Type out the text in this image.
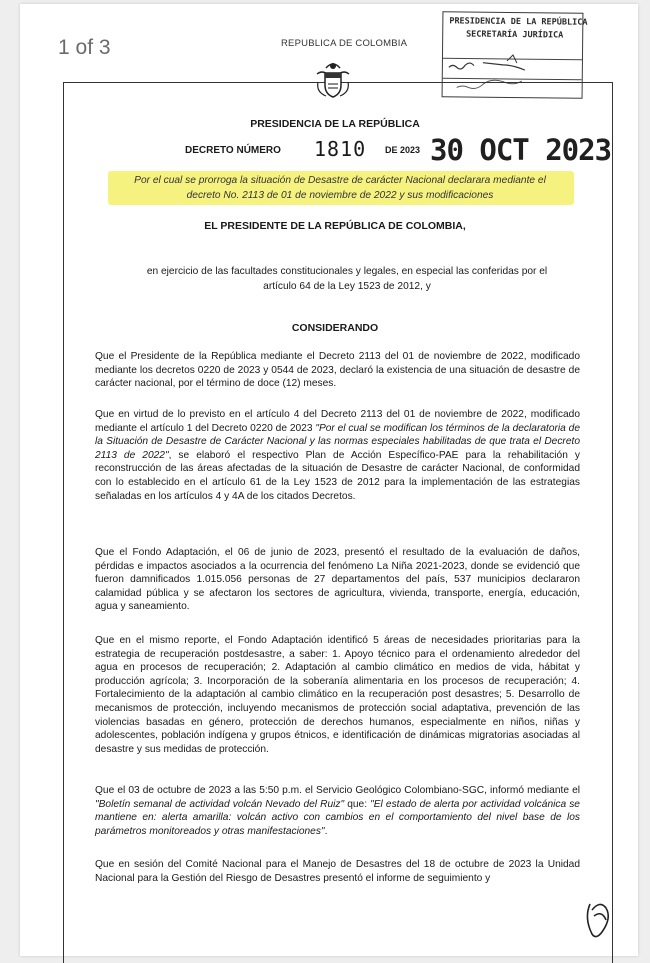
1 of 3	REPUBLICA DE COLOMBIA
PRESIDENCIA DE LA REPÚBLICA
SECRETARÍA JURÍDICA
PRESIDENCIA DE LA REPÚBLICA
DECRETO NÚMERO 1810 DE 2023 30 OCT 2023
Por el cual se prorroga la situación de Desastre de carácter Nacional declarara mediante el
decreto No. 2113 de 01 de noviembre de 2022 y sus modificaciones
EL PRESIDENTE DE LA REPÚBLICA DE COLOMBIA,
en ejercicio de las facultades constitucionales y legales, en especial las conferidas por el
artículo 64 de la Ley 1523 de 2012, y
CONSIDERANDO
Que el Presidente de la República mediante el Decreto 2113 del 01 de noviembre de 2022, modificado mediante los decretos 0220 de 2023 y 0544 de 2023, declaró la existencia de una situación de desastre de carácter nacional, por el término de doce (12) meses.
Que en virtud de lo previsto en el artículo 4 del Decreto 2113 del 01 de noviembre de 2022, modificado mediante el artículo 1 del Decreto 0220 de 2023 "Por el cual se modifican los términos de la declaratoria de la Situación de Desastre de Carácter Nacional y las normas especiales habilitadas de que trata el Decreto 2113 de 2022", se elaboró el respectivo Plan de Acción Específico-PAE para la rehabilitación y reconstrucción de las áreas afectadas de la situación de Desastre de carácter Nacional, de conformidad con lo establecido en el artículo 61 de la Ley 1523 de 2012 para la implementación de las estrategias señaladas en los artículos 4 y 4A de los citados Decretos.
Que el Fondo Adaptación, el 06 de junio de 2023, presentó el resultado de la evaluación de daños, pérdidas e impactos asociados a la ocurrencia del fenómeno La Niña 2021-2023, donde se evidenció que fueron damnificados 1.015.056 personas de 27 departamentos del país, 537 municipios declararon calamidad pública y se afectaron los sectores de agricultura, vivienda, transporte, energía, educación, agua y saneamiento.
Que en el mismo reporte, el Fondo Adaptación identificó 5 áreas de necesidades prioritarias para la estrategia de recuperación postdesastre, a saber: 1. Apoyo técnico para el ordenamiento alrededor del agua en procesos de recuperación; 2. Adaptación al cambio climático en medios de vida, hábitat y producción agrícola; 3. Incorporación de la soberanía alimentaria en los procesos de recuperación; 4. Fortalecimiento de la adaptación al cambio climático en la recuperación post desastres; 5. Desarrollo de mecanismos de protección, incluyendo mecanismos de protección social adaptativa, prevención de las violencias basadas en género, protección de derechos humanos, especialmente en niños, niñas y adolescentes, población indígena y grupos étnicos, e identificación de dinámicas migratorias asociadas al desastre y sus medidas de protección.
Que el 03 de octubre de 2023 a las 5:50 p.m. el Servicio Geológico Colombiano-SGC, informó mediante el "Boletín semanal de actividad volcán Nevado del Ruiz" que: "El estado de alerta por actividad volcánica se mantiene en: alerta amarilla: volcán activo con cambios en el comportamiento del nivel base de los parámetros monitoreados y otras manifestaciones".
Que en sesión del Comité Nacional para el Manejo de Desastres del 18 de octubre de 2023 la Unidad Nacional para la Gestión del Riesgo de Desastres presentó el informe de seguimiento y
